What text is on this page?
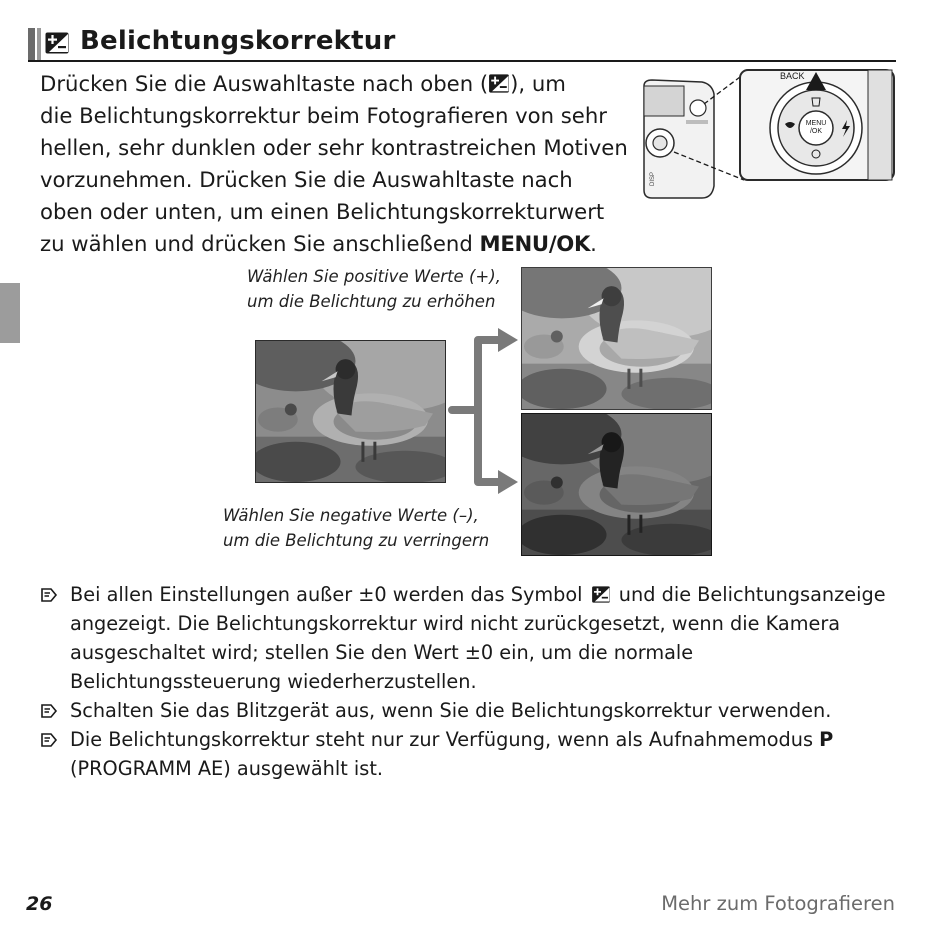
Belichtungskorrektur

Drücken Sie die Auswahltaste nach oben ( ), um

die Belichtungskorrektur beim Fotografieren von sehr

hellen, sehr dunklen oder sehr kontrastreichen Motiven

vorzunehmen. Drücken Sie die Auswahltaste nach

oben oder unten, um einen Belichtungskorrekturwert

zu wählen und drücken Sie anschließend MENU/OK.

DISP
BACK
MENU
/OK
Wählen Sie positive Werte (+),
um die Belichtung zu erhöhen
Wählen Sie negative Werte (–),
um die Belichtung zu verringern
Bei allen Einstellungen außer ±0 werden das Symbol  und die Belichtungsanzeige angezeigt. Die Belichtungskorrektur wird nicht zurückgesetzt, wenn die Kamera ausgeschaltet wird; stellen Sie den Wert ±0 ein, um die normale Belichtungssteuerung wiederherzustellen.
Schalten Sie das Blitzgerät aus, wenn Sie die Belichtungskorrektur verwenden.
Die Belichtungskorrektur steht nur zur Verfügung, wenn als Aufnahmemodus P
(PROGRAMM AE) ausgewählt ist.
26	Mehr zum Fotografieren
